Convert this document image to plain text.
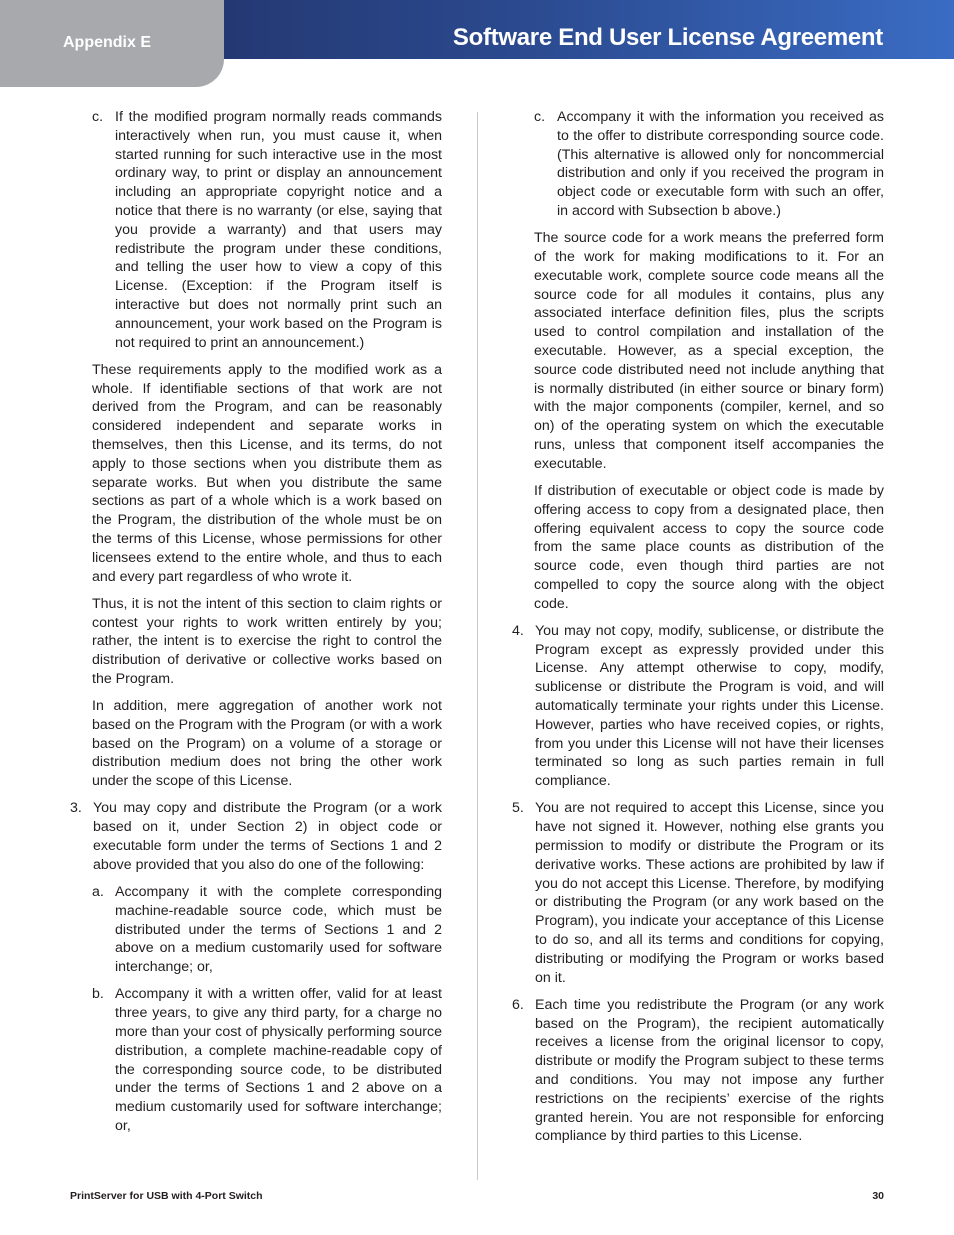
Appendix E	Software End User License Agreement
c. If the modified program normally reads commands interactively when run, you must cause it, when started running for such interactive use in the most ordinary way, to print or display an announcement including an appropriate copyright notice and a notice that there is no warranty (or else, saying that you provide a warranty) and that users may redistribute the program under these conditions, and telling the user how to view a copy of this License. (Exception: if the Program itself is interactive but does not normally print such an announcement, your work based on the Program is not required to print an announcement.)

These requirements apply to the modified work as a whole. If identifiable sections of that work are not derived from the Program, and can be reasonably considered independent and separate works in themselves, then this License, and its terms, do not apply to those sections when you distribute them as separate works. But when you distribute the same sections as part of a whole which is a work based on the Program, the distribution of the whole must be on the terms of this License, whose permissions for other licensees extend to the entire whole, and thus to each and every part regardless of who wrote it.

Thus, it is not the intent of this section to claim rights or contest your rights to work written entirely by you; rather, the intent is to exercise the right to control the distribution of derivative or collective works based on the Program.

In addition, mere aggregation of another work not based on the Program with the Program (or with a work based on the Program) on a volume of a storage or distribution medium does not bring the other work under the scope of this License.

3. You may copy and distribute the Program (or a work based on it, under Section 2) in object code or executable form under the terms of Sections 1 and 2 above provided that you also do one of the following:
a. Accompany it with the complete corresponding machine-readable source code, which must be distributed under the terms of Sections 1 and 2 above on a medium customarily used for software interchange; or,
b. Accompany it with a written offer, valid for at least three years, to give any third party, for a charge no more than your cost of physically performing source distribution, a complete machine-readable copy of the corresponding source code, to be distributed under the terms of Sections 1 and 2 above on a medium customarily used for software interchange; or,
c. Accompany it with the information you received as to the offer to distribute corresponding source code. (This alternative is allowed only for noncommercial distribution and only if you received the program in object code or executable form with such an offer, in accord with Subsection b above.)

The source code for a work means the preferred form of the work for making modifications to it. For an executable work, complete source code means all the source code for all modules it contains, plus any associated interface definition files, plus the scripts used to control compilation and installation of the executable. However, as a special exception, the source code distributed need not include anything that is normally distributed (in either source or binary form) with the major components (compiler, kernel, and so on) of the operating system on which the executable runs, unless that component itself accompanies the executable.

If distribution of executable or object code is made by offering access to copy from a designated place, then offering equivalent access to copy the source code from the same place counts as distribution of the source code, even though third parties are not compelled to copy the source along with the object code.

4. You may not copy, modify, sublicense, or distribute the Program except as expressly provided under this License. Any attempt otherwise to copy, modify, sublicense or distribute the Program is void, and will automatically terminate your rights under this License. However, parties who have received copies, or rights, from you under this License will not have their licenses terminated so long as such parties remain in full compliance.
5. You are not required to accept this License, since you have not signed it. However, nothing else grants you permission to modify or distribute the Program or its derivative works. These actions are prohibited by law if you do not accept this License. Therefore, by modifying or distributing the Program (or any work based on the Program), you indicate your acceptance of this License to do so, and all its terms and conditions for copying, distributing or modifying the Program or works based on it.
6. Each time you redistribute the Program (or any work based on the Program), the recipient automatically receives a license from the original licensor to copy, distribute or modify the Program subject to these terms and conditions. You may not impose any further restrictions on the recipients’ exercise of the rights granted herein. You are not responsible for enforcing compliance by third parties to this License.
PrintServer for USB with 4-Port Switch	30
